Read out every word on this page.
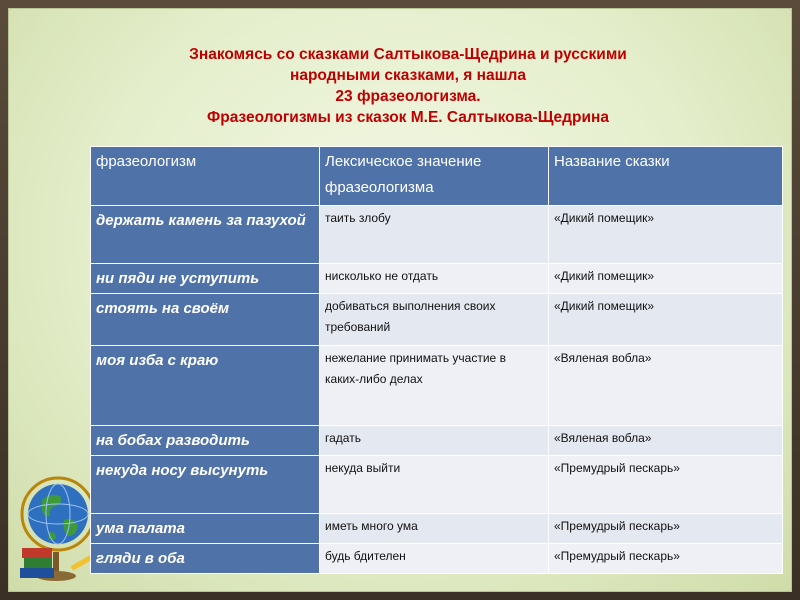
Знакомясь со сказками Салтыкова-Щедрина и русскими
народными сказками, я нашла
23 фразеологизма.
Фразеологизмы из сказок М.Е. Салтыкова-Щедрина
фразеологизм	Лексическое значение фразеологизма	Название сказки
держать камень за пазухой	таить злобу	«Дикий помещик»
ни пяди не уступить	нисколько не отдать	«Дикий помещик»
стоять на своём	добиваться выполнения своих требований	«Дикий помещик»
моя изба с краю	нежелание принимать участие в каких-либо делах	«Вяленая вобла»
на бобах разводить	гадать	«Вяленая вобла»
некуда носу высунуть	некуда выйти	«Премудрый пескарь»
ума палата	иметь много ума	«Премудрый пескарь»
гляди в оба	будь бдителен	«Премудрый пескарь»
